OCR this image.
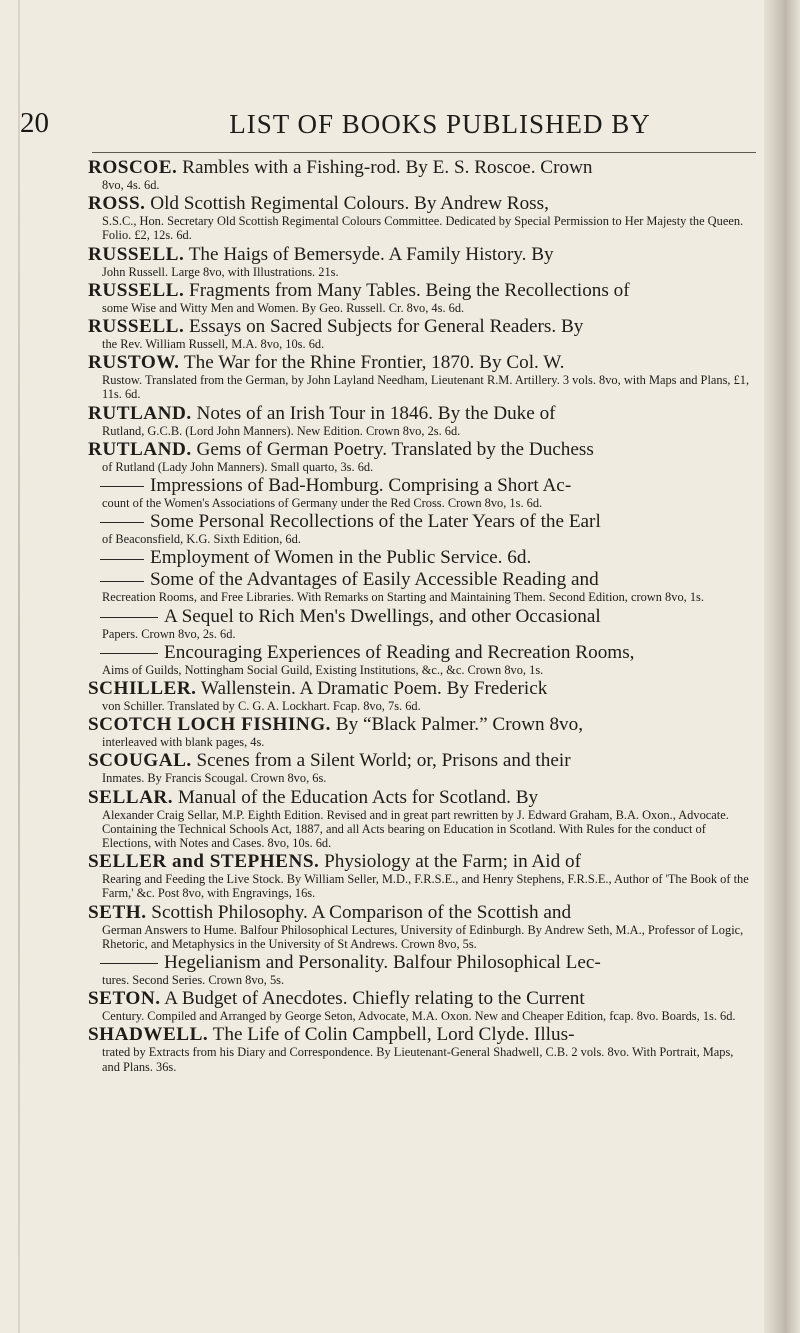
20	LIST OF BOOKS PUBLISHED BY

ROSCOE. Rambles with a Fishing-rod. By E. S. Roscoe. Crown

8vo, 4s. 6d.

ROSS. Old Scottish Regimental Colours. By Andrew Ross,

S.S.C., Hon. Secretary Old Scottish Regimental Colours Committee. Dedicated by Special Permission to Her Majesty the Queen. Folio. £2, 12s. 6d.

RUSSELL. The Haigs of Bemersyde. A Family History. By

John Russell. Large 8vo, with Illustrations. 21s.

RUSSELL. Fragments from Many Tables. Being the Recollections of

some Wise and Witty Men and Women. By Geo. Russell. Cr. 8vo, 4s. 6d.

RUSSELL. Essays on Sacred Subjects for General Readers. By

the Rev. William Russell, M.A. 8vo, 10s. 6d.

RUSTOW. The War for the Rhine Frontier, 1870. By Col. W.

Rustow. Translated from the German, by John Layland Needham, Lieutenant R.M. Artillery. 3 vols. 8vo, with Maps and Plans, £1, 11s. 6d.

RUTLAND. Notes of an Irish Tour in 1846. By the Duke of

Rutland, G.C.B. (Lord John Manners). New Edition. Crown 8vo, 2s. 6d.

RUTLAND. Gems of German Poetry. Translated by the Duchess

of Rutland (Lady John Manners). Small quarto, 3s. 6d.

Impressions of Bad-Homburg. Comprising a Short Ac-

count of the Women's Associations of Germany under the Red Cross. Crown 8vo, 1s. 6d.

Some Personal Recollections of the Later Years of the Earl

of Beaconsfield, K.G. Sixth Edition, 6d.

Employment of Women in the Public Service. 6d.

Some of the Advantages of Easily Accessible Reading and

Recreation Rooms, and Free Libraries. With Remarks on Starting and Maintaining Them. Second Edition, crown 8vo, 1s.

A Sequel to Rich Men's Dwellings, and other Occasional

Papers. Crown 8vo, 2s. 6d.

Encouraging Experiences of Reading and Recreation Rooms,

Aims of Guilds, Nottingham Social Guild, Existing Institutions, &c., &c. Crown 8vo, 1s.

SCHILLER. Wallenstein. A Dramatic Poem. By Frederick

von Schiller. Translated by C. G. A. Lockhart. Fcap. 8vo, 7s. 6d.

SCOTCH LOCH FISHING. By “Black Palmer.” Crown 8vo,

interleaved with blank pages, 4s.

SCOUGAL. Scenes from a Silent World; or, Prisons and their

Inmates. By Francis Scougal. Crown 8vo, 6s.

SELLAR. Manual of the Education Acts for Scotland. By

Alexander Craig Sellar, M.P. Eighth Edition. Revised and in great part rewritten by J. Edward Graham, B.A. Oxon., Advocate. Containing the Technical Schools Act, 1887, and all Acts bearing on Education in Scotland. With Rules for the conduct of Elections, with Notes and Cases. 8vo, 10s. 6d.

SELLER and STEPHENS. Physiology at the Farm; in Aid of

Rearing and Feeding the Live Stock. By William Seller, M.D., F.R.S.E., and Henry Stephens, F.R.S.E., Author of 'The Book of the Farm,' &c. Post 8vo, with Engravings, 16s.

SETH. Scottish Philosophy. A Comparison of the Scottish and

German Answers to Hume. Balfour Philosophical Lectures, University of Edinburgh. By Andrew Seth, M.A., Professor of Logic, Rhetoric, and Metaphysics in the University of St Andrews. Crown 8vo, 5s.

Hegelianism and Personality. Balfour Philosophical Lec-

tures. Second Series. Crown 8vo, 5s.

SETON. A Budget of Anecdotes. Chiefly relating to the Current

Century. Compiled and Arranged by George Seton, Advocate, M.A. Oxon. New and Cheaper Edition, fcap. 8vo. Boards, 1s. 6d.

SHADWELL. The Life of Colin Campbell, Lord Clyde. Illus-

trated by Extracts from his Diary and Correspondence. By Lieutenant-General Shadwell, C.B. 2 vols. 8vo. With Portrait, Maps, and Plans. 36s.
